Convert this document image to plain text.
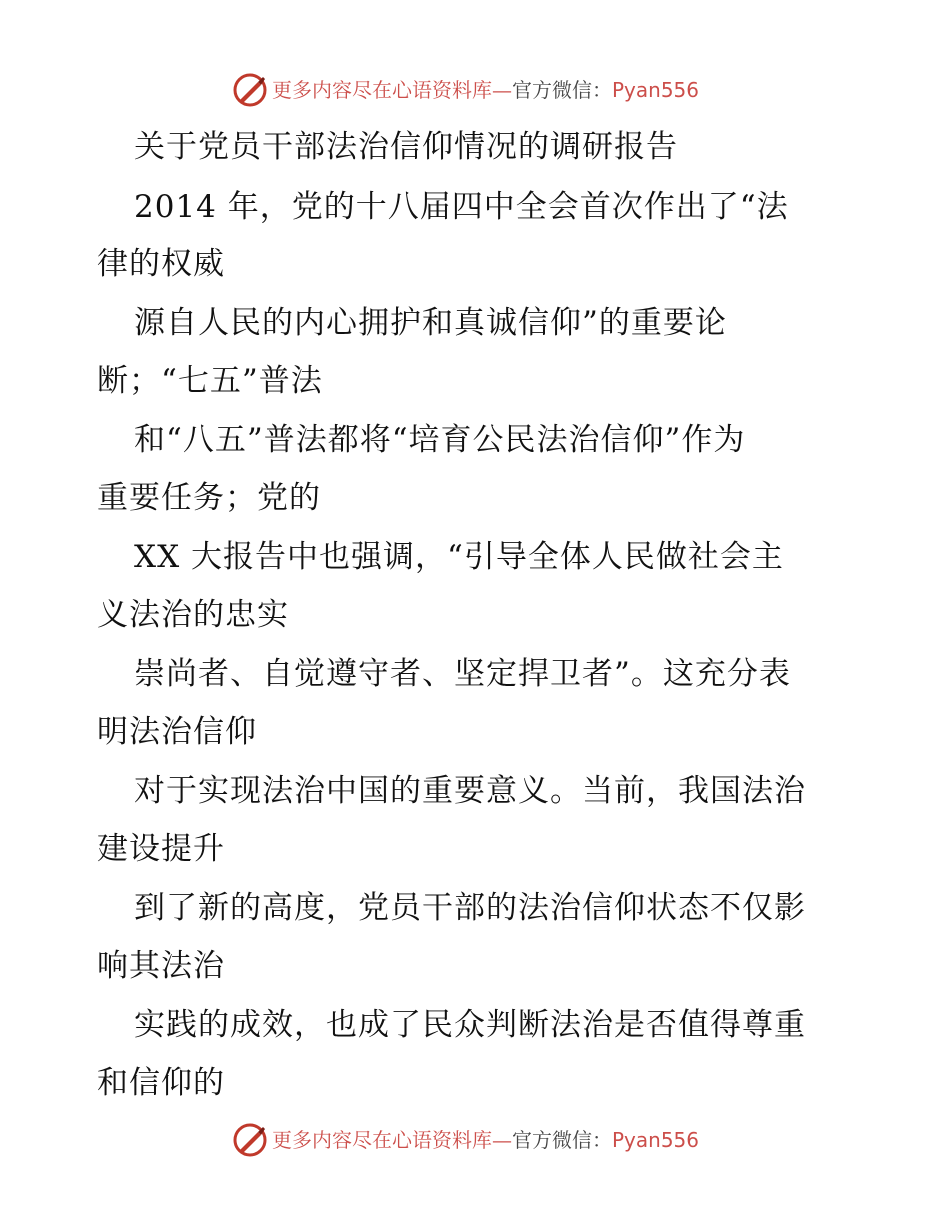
更多内容尽在心语资料库—官方微信：Pyan556
关于党员干部法治信仰情况的调研报告
2014 年，党的十八届四中全会首次作出了“法
律的权威
源自人民的内心拥护和真诚信仰”的重要论
断；“七五”普法
和“八五”普法都将“培育公民法治信仰”作为
重要任务；党的
XX 大报告中也强调，“引导全体人民做社会主
义法治的忠实
崇尚者、自觉遵守者、坚定捍卫者”。这充分表
明法治信仰
对于实现法治中国的重要意义。当前，我国法治
建设提升
到了新的高度，党员干部的法治信仰状态不仅影
响其法治
实践的成效，也成了民众判断法治是否值得尊重
和信仰的
更多内容尽在心语资料库—官方微信：Pyan556
